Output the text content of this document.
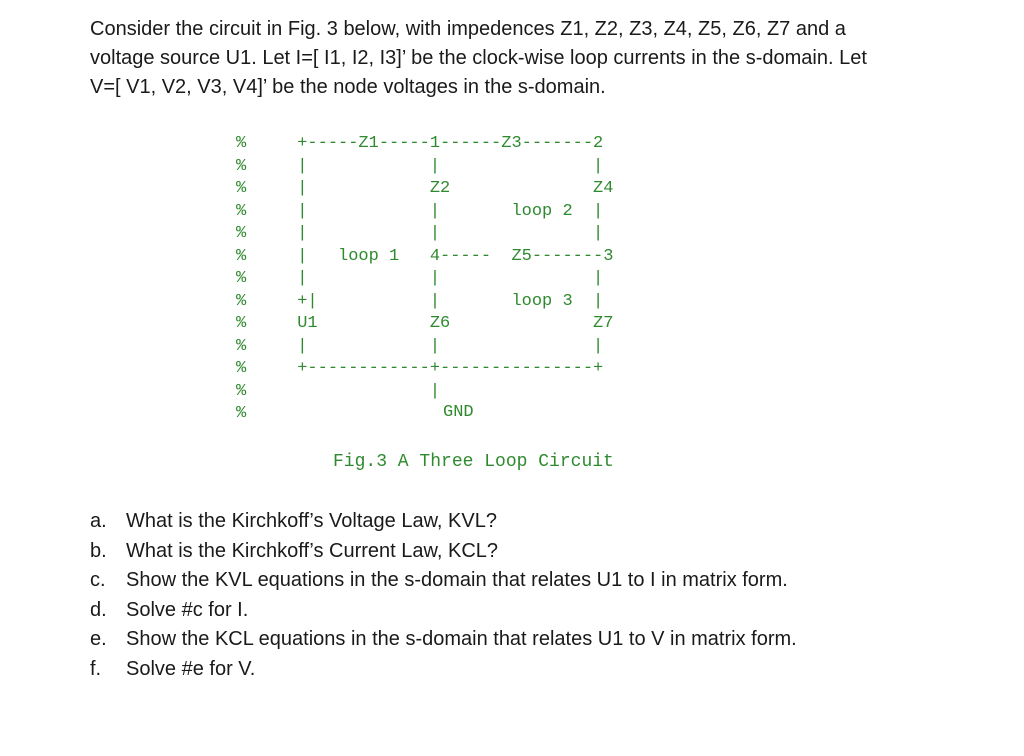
Consider the circuit in Fig. 3 below, with impedences Z1, Z2, Z3, Z4, Z5, Z6, Z7 and a
voltage source U1. Let I=[ I1, I2, I3]’ be the clock-wise loop currents in the s-domain. Let
V=[ V1, V2, V3, V4]’ be the node voltages in the s-domain.

%     +-----Z1-----1------Z3-------2
%     |            |               |
%     |            Z2              Z4
%     |            |       loop 2  |
%     |            |               |
%     |   loop 1   4-----  Z5-------3
%     |            |               |
%     +|           |       loop 3  |
%     U1           Z6              Z7
%     |            |               |
%     +------------+---------------+
%                  |
%	GND
Fig.3 A Three Loop Circuit
a. What is the Kirchkoff’s Voltage Law, KVL?
b. What is the Kirchkoff’s Current Law, KCL?
c. Show the KVL equations in the s-domain that relates U1 to I in matrix form.
d. Solve #c for I.
e. Show the KCL equations in the s-domain that relates U1 to V in matrix form.
f. Solve #e for V.
